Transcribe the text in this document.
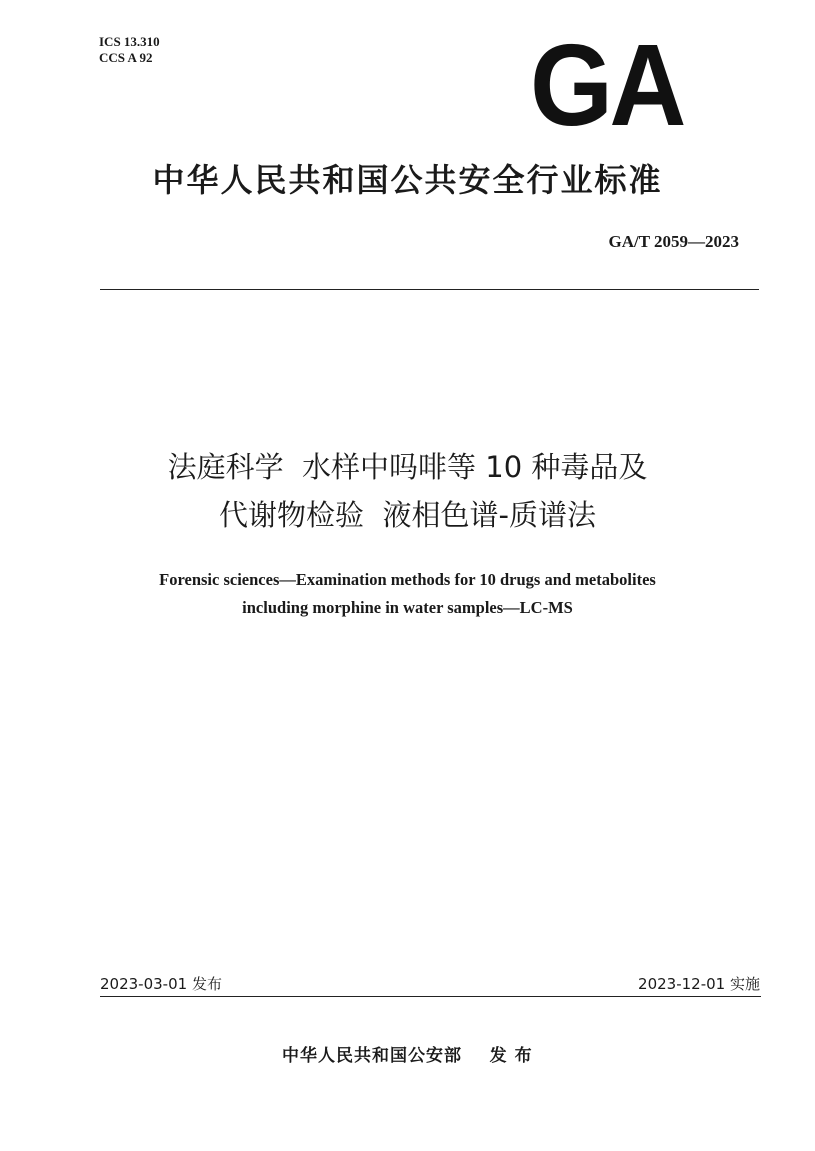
ICS 13.310
CCS A 92	GA
中华人民共和国公共安全行业标准
GA/T 2059—2023
法庭科学  水样中吗啡等 10 种毒品及
代谢物检验  液相色谱-质谱法
Forensic sciences—Examination methods for 10 drugs and metabolites
including morphine in water samples—LC-MS
2023-03-01 发布	2023-12-01 实施
中华人民共和国公安部    发 布
